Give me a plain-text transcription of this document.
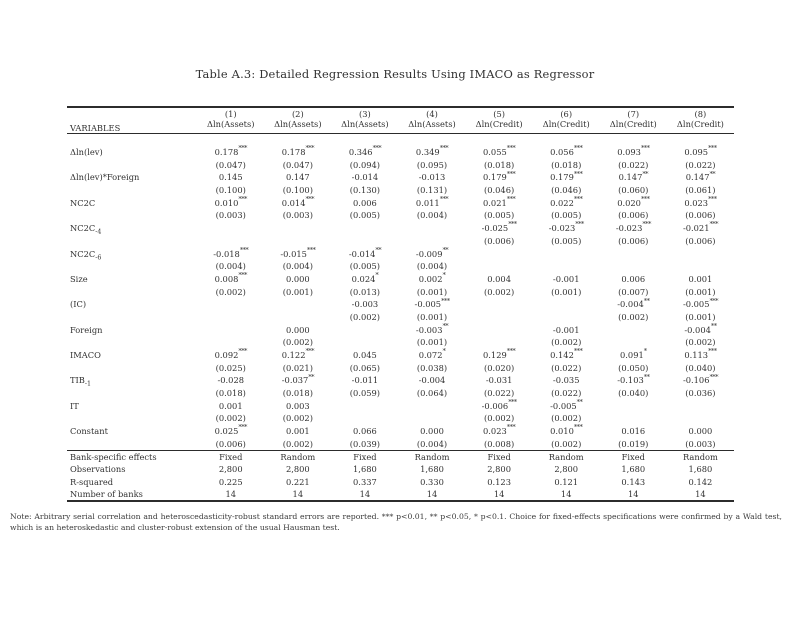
Table A.3: Detailed Regression Results Using IMACO as Regressor
	(1)	(2)	(3)	(4)	(5)	(6)	(7)	(8)
VARIABLES	Δln(Assets)	Δln(Assets)	Δln(Assets)	Δln(Assets)	Δln(Credit)	Δln(Credit)	Δln(Credit)	Δln(Credit)

Δln(lev)	0.178***	0.178***	0.346***	0.349***	0.055***	0.056***	0.093***	0.095***
	(0.047)	(0.047)	(0.094)	(0.095)	(0.018)	(0.018)	(0.022)	(0.022)
Δln(lev)*Foreign	0.145	0.147	-0.014	-0.013	0.179***	0.179***	0.147**	0.147**
	(0.100)	(0.100)	(0.130)	(0.131)	(0.046)	(0.046)	(0.060)	(0.061)
NC2C	0.010***	0.014***	0.006	0.011***	0.021***	0.022***	0.020***	0.023***
	(0.003)	(0.003)	(0.005)	(0.004)	(0.005)	(0.005)	(0.006)	(0.006)
$NC2C_{-4}$					-0.025***	-0.023***	-0.023***	-0.021***
					(0.006)	(0.005)	(0.006)	(0.006)
$NC2C_{-6}$	-0.018***	-0.015***	-0.014**	-0.009**				
	(0.004)	(0.004)	(0.005)	(0.004)				
Size	0.008***	0.000	0.024*	0.002*	0.004	-0.001	0.006	0.001
	(0.002)	(0.001)	(0.013)	(0.001)	(0.002)	(0.001)	(0.007)	(0.001)
(IC)			-0.003	-0.005***			-0.004**	-0.005***
			(0.002)	(0.001)			(0.002)	(0.001)
Foreign		0.000		-0.003**		-0.001		-0.004**
		(0.002)		(0.001)		(0.002)		(0.002)
IMACO	0.092***	0.122***	0.045	0.072*	0.129***	0.142***	0.091*	0.113***
	(0.025)	(0.021)	(0.065)	(0.038)	(0.020)	(0.022)	(0.050)	(0.040)
$TIB_{-1}$	-0.028	-0.037**	-0.011	-0.004	-0.031	-0.035	-0.103**	-0.106***
	(0.018)	(0.018)	(0.059)	(0.064)	(0.022)	(0.022)	(0.040)	(0.036)
IT	0.001	0.003			-0.006***	-0.005**		
	(0.002)	(0.002)			(0.002)	(0.002)		
Constant	0.025***	0.001	0.066	0.000	0.023***	0.010***	0.016	0.000
	(0.006)	(0.002)	(0.039)	(0.004)	(0.008)	(0.002)	(0.019)	(0.003)
Bank-specific effects	Fixed	Random	Fixed	Random	Fixed	Random	Fixed	Random
Observations	2,800	2,800	1,680	1,680	2,800	2,800	1,680	1,680
R-squared	0.225	0.221	0.337	0.330	0.123	0.121	0.143	0.142
Number of banks	14	14	14	14	14	14	14	14
Note: Arbitrary serial correlation and heteroscedasticity-robust standard errors are reported. *** p<0.01, ** p<0.05, * p<0.1. Choice for fixed-effects specifications were confirmed by a Wald test, which is an heteroskedastic and cluster-robust extension of the usual Hausman test.
